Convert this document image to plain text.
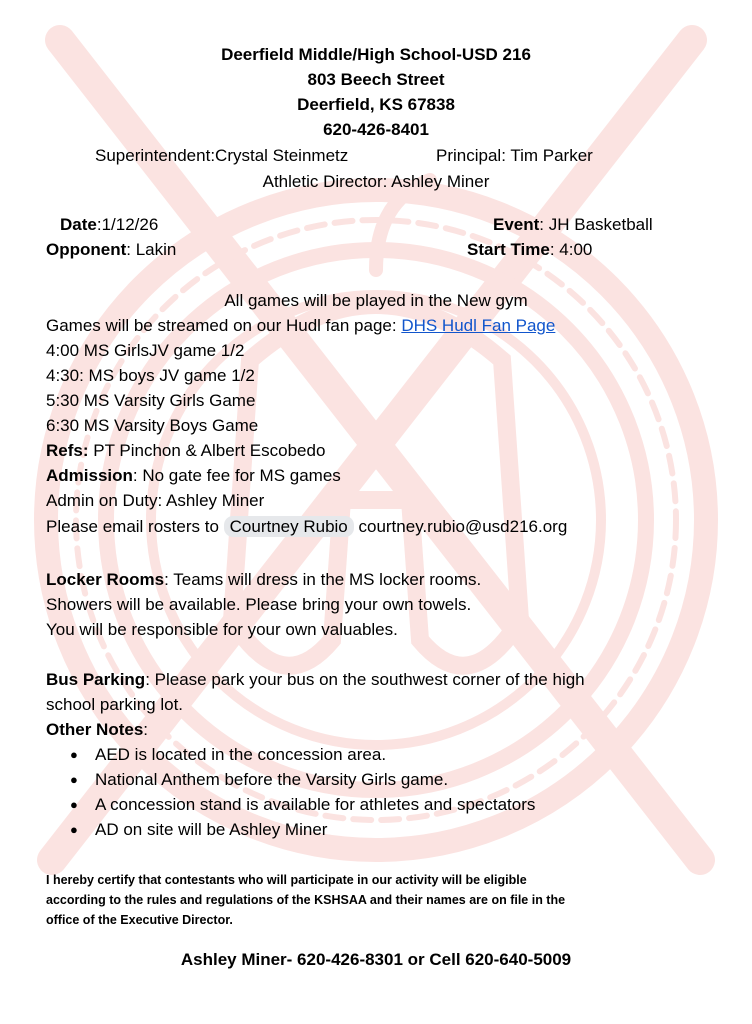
Deerfield Middle/High School-USD 216
803 Beech Street
Deerfield, KS 67838
620-426-8401
Superintendent:Crystal Steinmetz	Principal: Tim Parker
Athletic Director: Ashley Miner
Date:1/12/26	Event: JH Basketball
Opponent: Lakin	Start Time: 4:00
All games will be played in the New gym
Games will be streamed on our Hudl fan page: DHS Hudl Fan Page
4:00 MS GirlsJV game 1/2
4:30: MS boys JV game 1/2
5:30 MS Varsity Girls Game
6:30 MS Varsity Boys Game
Refs: PT Pinchon & Albert Escobedo
Admission: No gate fee for MS games
Admin on Duty: Ashley Miner
Please email rosters to Courtney Rubio courtney.rubio@usd216.org
Locker Rooms: Teams will dress in the MS locker rooms.
Showers will be available. Please bring your own towels.
You will be responsible for your own valuables.
Bus Parking: Please park your bus on the southwest corner of the high
school parking lot.
Other Notes:
● AED is located in the concession area.
● National Anthem before the Varsity Girls game.
● A concession stand is available for athletes and spectators
● AD on site will be Ashley Miner
I hereby certify that contestants who will participate in our activity will be eligible
according to the rules and regulations of the KSHSAA and their names are on file in the
office of the Executive Director.
Ashley Miner- 620-426-8301 or Cell 620-640-5009
